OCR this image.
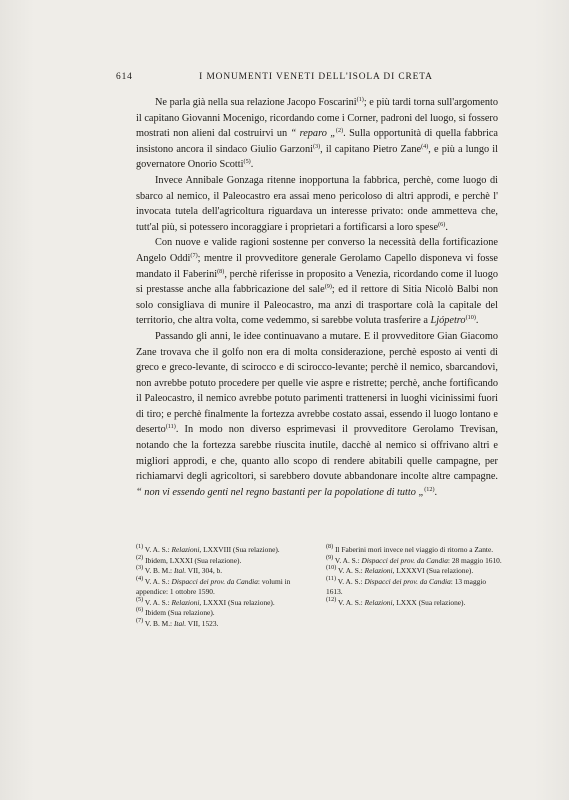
614	I MONUMENTI VENETI DELL'ISOLA DI CRETA

Ne parla già nella sua relazione Jacopo Foscarini$^{(1)}$; e più tardi torna sull'argomento il capitano Giovanni Mocenigo, ricordando come i Corner, padroni del luogo, si fossero mostrati non alieni dal costruirvi un “ reparo „$^{(2)}$. Sulla opportunità di quella fabbrica insistono ancora il sindaco Giulio Garzoni$^{(3)}$, il capitano Pietro Zane$^{(4)}$, e più a lungo il governatore Onorio Scotti$^{(5)}$.

Invece Annibale Gonzaga ritenne inopportuna la fabbrica, perchè, come luogo di sbarco al nemico, il Paleocastro era assai meno pericoloso di altri approdi, e perchè l' invocata tutela dell'agricoltura riguardava un interesse privato: onde ammetteva che, tutt'al più, si potessero incoraggiare i proprietari a fortificarsi a loro spese$^{(6)}$.

Con nuove e valide ragioni sostenne per converso la necessità della fortificazione Angelo Oddi$^{(7)}$; mentre il provveditore generale Gerolamo Capello disponeva vi fosse mandato il Faberini$^{(8)}$, perchè riferisse in proposito a Venezia, ricordando come il luogo si prestasse anche alla fabbricazione del sale$^{(9)}$; ed il rettore di Sitia Nicolò Balbi non solo consigliava di munire il Paleocastro, ma anzi di trasportare colà la capitale del territorio, che altra volta, come vedemmo, si sarebbe voluta trasferire a Ljópetro$^{(10)}$.

Passando gli anni, le idee continuavano a mutare. E il provveditore Gian Giacomo Zane trovava che il golfo non era di molta considerazione, perchè esposto ai venti di greco e greco-levante, di scirocco e di scirocco-levante; perchè il nemico, sbarcandovi, non avrebbe potuto procedere per quelle vie aspre e ristrette; perchè, anche fortificando il Paleocastro, il nemico avrebbe potuto parimenti trattenersi in luoghi vicinissimi fuori di tiro; e perchè finalmente la fortezza avrebbe costato assai, essendo il luogo lontano e deserto$^{(11)}$. In modo non diverso esprimevasi il provveditore Gerolamo Trevisan, notando che la fortezza sarebbe riuscita inutile, dacchè al nemico si offrivano altri e migliori approdi, e che, quanto allo scopo di rendere abitabili quelle campagne, per richiamarvi degli agricoltori, si sarebbero dovute abbandonare incolte altre campagne. “ non vi essendo genti nel regno bastanti per la popolatione di tutto „$^{(12)}$.

$^{(1)}$ V. A. S.: Relazioni, LXXVIII (Sua relazione).
$^{(2)}$ Ibidem, LXXXI (Sua relazione).
$^{(3)}$ V. B. M.: Ital. VII, 304, b.
$^{(4)}$ V. A. S.: Dispacci dei prov. da Candia: volumi in appendice: 1 ottobre 1590.
$^{(5)}$ V. A. S.: Relazioni, LXXXI (Sua relazione).
$^{(6)}$ Ibidem (Sua relazione).
$^{(7)}$ V. B. M.: Ital. VII, 1523.
$^{(8)}$ Il Faberini morì invece nel viaggio di ritorno a Zante.
$^{(9)}$ V. A. S.: Dispacci dei prov. da Candia: 28 maggio 1610.
$^{(10)}$ V. A. S.: Relazioni, LXXXVI (Sua relazione).
$^{(11)}$ V. A. S.: Dispacci dei prov. da Candia: 13 maggio 1613.
$^{(12)}$ V. A. S.: Relazioni, LXXX (Sua relazione).
